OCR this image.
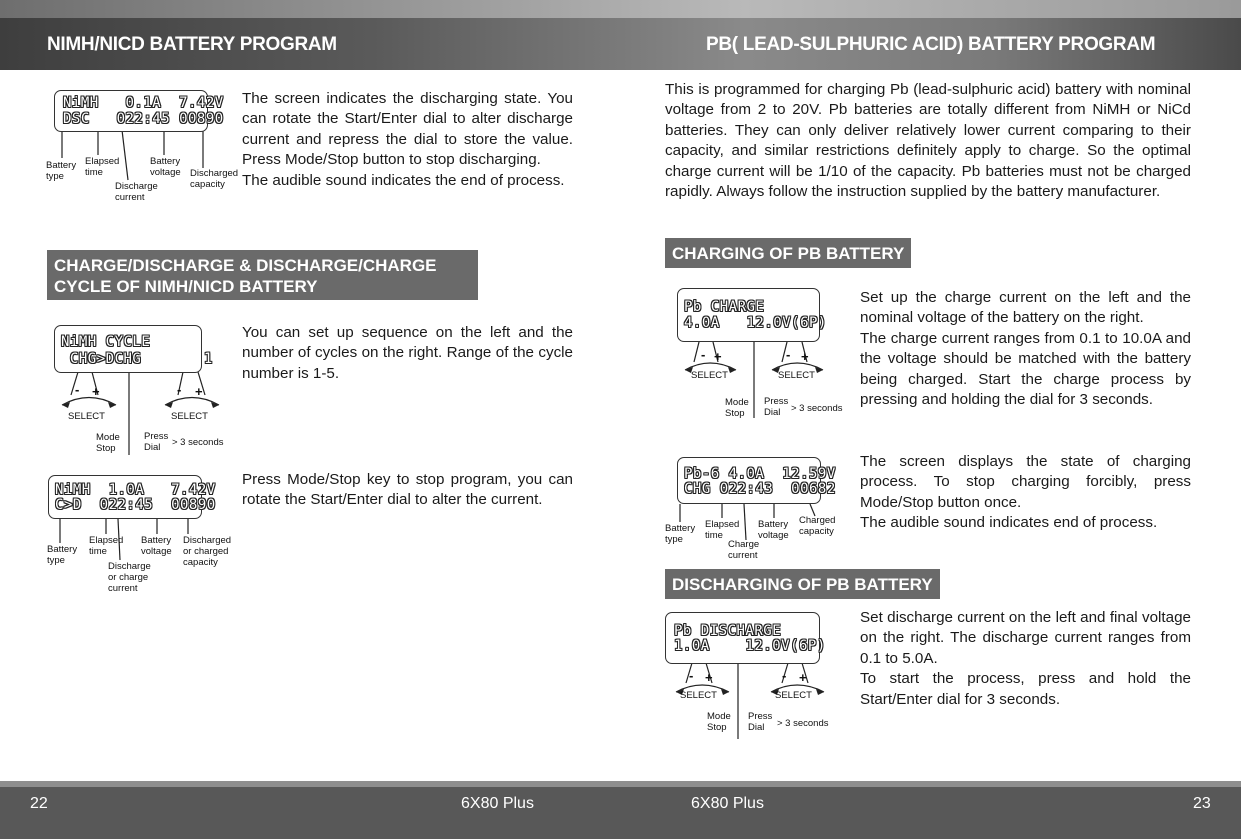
NIMH/NICD BATTERY PROGRAM	PB( LEAD-SULPHURIC ACID) BATTERY PROGRAM
22	6X80 Plus	6X80 Plus	23
NiMH   0.1A  7.42V
DSC   022:45 00890
Battery
type
Elapsed
time
Discharge
current
Battery
voltage Discharged
capacity

The screen indicates the discharging state. You can rotate the Start/Enter dial to alter discharge current and repress the dial to store the value. Press Mode/Stop button to stop discharging.

The audible sound indicates the end of process.

CHARGE/DISCHARGE & DISCHARGE/CHARGE CYCLE OF NIMH/NICD BATTERY
NiMH CYCLE
CHG>DCHG       1
- +	- +
SELECT	SELECT
Mode
Stop
Press
Dial	> 3 seconds

You can set up sequence on the left and the number of cycles on the right. Range of the cycle number is 1-5.

NiMH  1.0A   7.42V
C>D  022:45  00890
Battery
type
Elapsed
time
Discharge
or charge
current
Battery
voltage
Discharged
or charged
capacity

Press Mode/Stop key to stop program, you can rotate the Start/Enter dial to alter the current.

This is programmed for charging Pb (lead-sulphuric acid) battery with nominal voltage from 2 to 20V. Pb batteries are totally different from NiMH or NiCd batteries. They can only deliver relatively lower current comparing to their capacity, and similar restrictions definitely apply to charge. So the optimal charge current will be 1/10 of the capacity. Pb batteries must not be charged rapidly. Always follow the instruction supplied by the battery manufacturer.

CHARGING OF PB BATTERY
Pb CHARGE
4.0A   12.0V(6P)
- +	- +
SELECT	SELECT
Mode
Stop
Press
Dial	> 3 seconds

Set up the charge current on the left and the nominal voltage of the battery on the right.

The charge current ranges from 0.1 to 10.0A and the voltage should be matched with the battery being charged. Start the charge process by pressing and holding the dial for 3 seconds.

Pb-6 4.0A  12.59V
CHG 022:43  00682
Battery
type
Elapsed
time
Charge
current
Battery
voltage
Charged
capacity

The screen displays the state of charging process. To stop charging forcibly, press Mode/Stop button once.

The audible sound indicates end of process.

DISCHARGING OF PB BATTERY
Pb DISCHARGE
1.0A    12.0V(6P)
- +	- +
SELECT	SELECT
Mode
Stop
Press
Dial	> 3 seconds

Set discharge current on the left and final voltage on the right. The discharge current ranges from 0.1 to 5.0A.

To start the process, press and hold the Start/Enter dial for 3 seconds.
